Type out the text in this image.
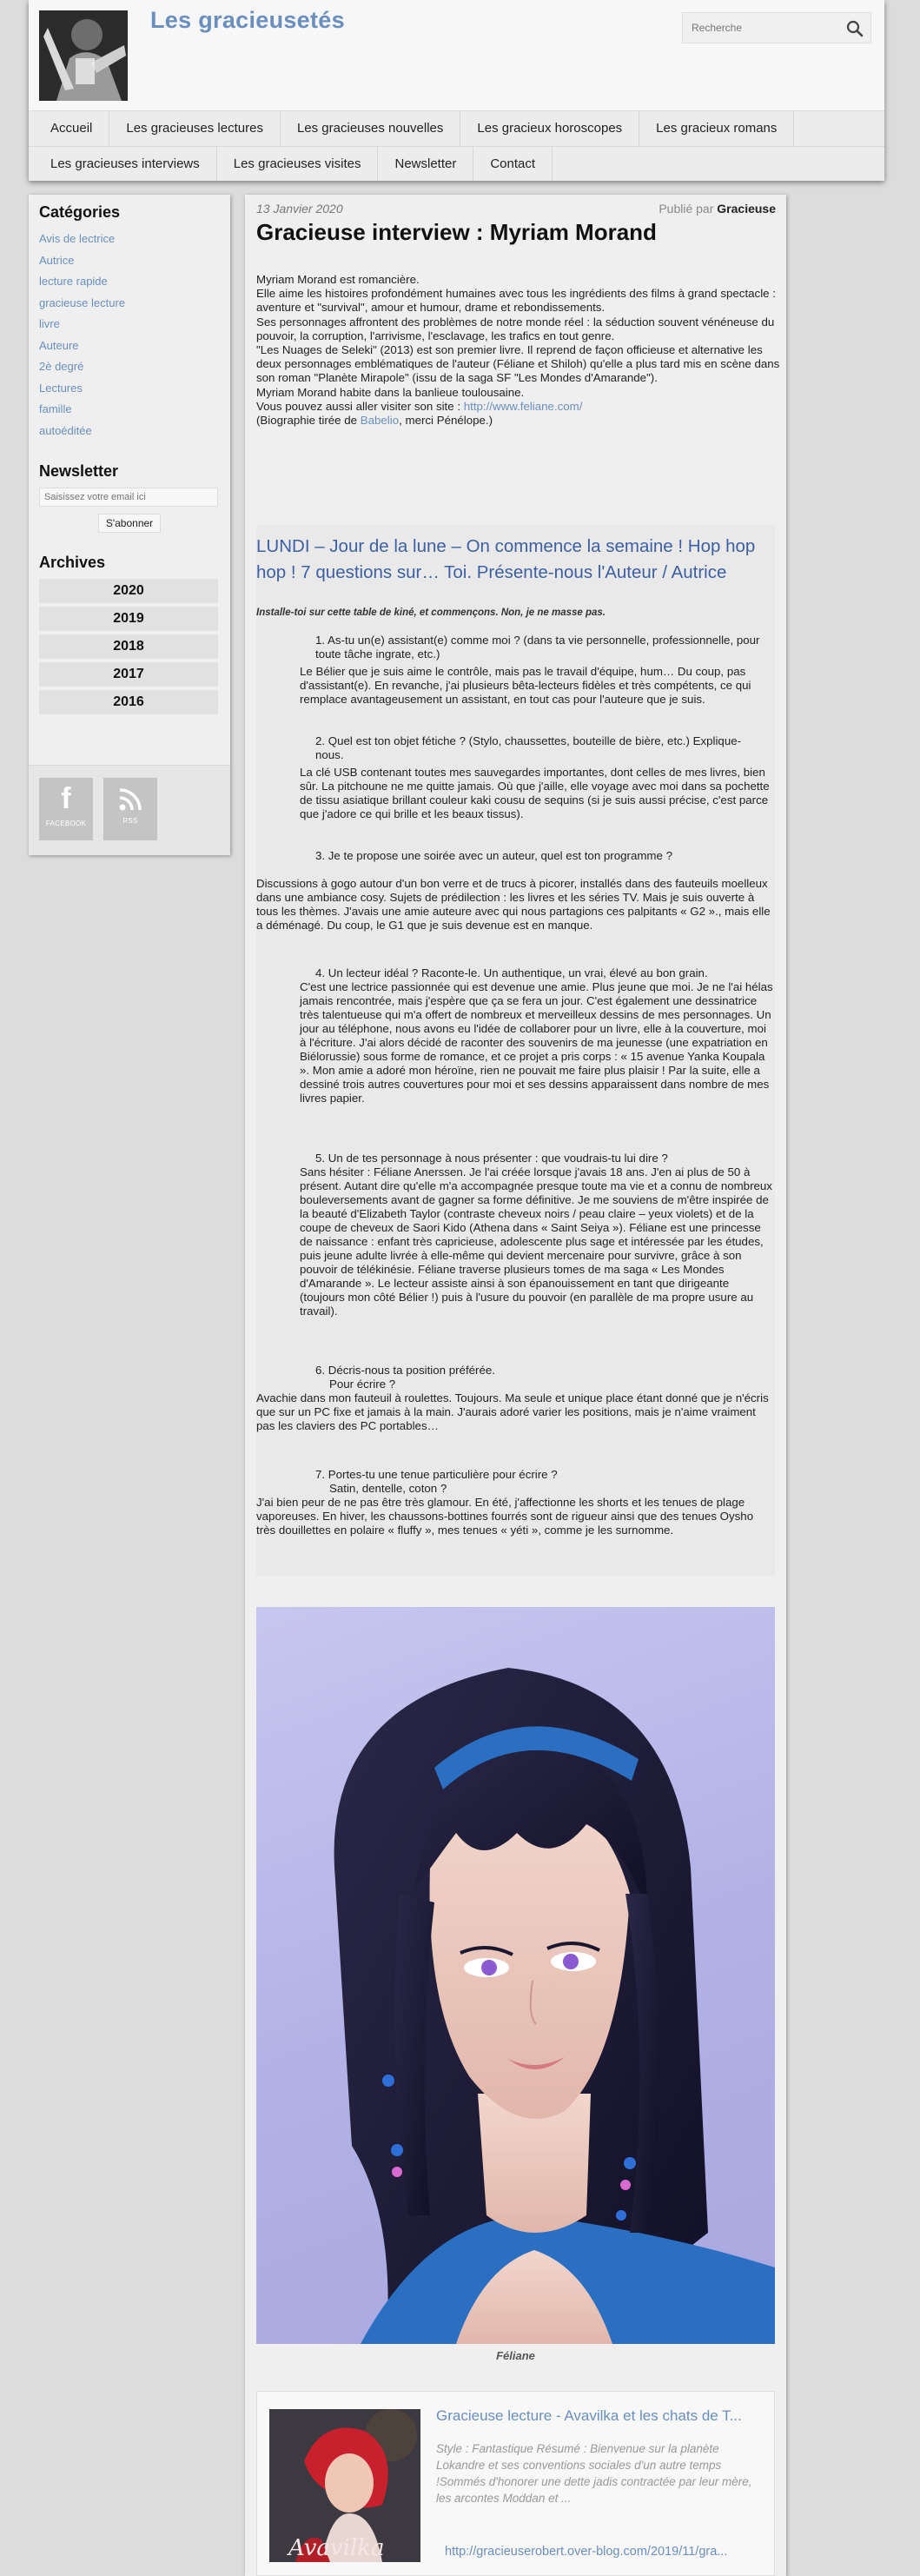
Les gracieusetés
Recherche
Accueil	Les gracieuses lectures	Les gracieuses nouvelles	Les gracieux horoscopes	Les gracieux romans
Les gracieuses interviews	Les gracieuses visites	Newsletter	Contact
Catégories
Avis de lectrice
Autrice
lecture rapide
gracieuse lecture
livre
Auteure
2è degré
Lectures
famille
autoéditée
Newsletter
Saisissez votre email ici
S'abonner
Archives
2020
2019
2018
2017
2016
f
FACEBOOK	RSS
13 Janvier 2020	Publié par Gracieuse
Gracieuse interview : Myriam Morand
Myriam Morand est romancière.
Elle aime les histoires profondément humaines avec tous les ingrédients des films à grand spectacle : aventure et "survival", amour et humour, drame et rebondissements.
Ses personnages affrontent des problèmes de notre monde réel : la séduction souvent vénéneuse du pouvoir, la corruption, l'arrivisme, l'esclavage, les trafics en tout genre.
"Les Nuages de Seleki" (2013) est son premier livre. Il reprend de façon officieuse et alternative les deux personnages emblématiques de l'auteur (Féliane et Shiloh) qu'elle a plus tard mis en scène dans son roman "Planète Mirapole" (issu de la saga SF "Les Mondes d'Amarande").
Myriam Morand habite dans la banlieue toulousaine.
Vous pouvez aussi aller visiter son site : http://www.feliane.com/
(Biographie tirée de Babelio, merci Pénélope.)
LUNDI – Jour de la lune – On commence la semaine ! Hop hop hop ! 7 questions sur… Toi. Présente-nous l'Auteur / Autrice
Installe-toi sur cette table de kiné, et commençons. Non, je ne masse pas.
1. As-tu un(e) assistant(e) comme moi ? (dans ta vie personnelle, professionnelle, pour toute tâche ingrate, etc.)
Le Bélier que je suis aime le contrôle, mais pas le travail d'équipe, hum… Du coup, pas d'assistant(e). En revanche, j'ai plusieurs bêta-lecteurs fidèles et très compétents, ce qui remplace avantageusement un assistant, en tout cas pour l'auteure que je suis.
2. Quel est ton objet fétiche ? (Stylo, chaussettes, bouteille de bière, etc.) Explique-nous.
La clé USB contenant toutes mes sauvegardes importantes, dont celles de mes livres, bien sûr. La pitchoune ne me quitte jamais. Où que j'aille, elle voyage avec moi dans sa pochette de tissu asiatique brillant couleur kaki cousu de sequins (si je suis aussi précise, c'est parce que j'adore ce qui brille et les beaux tissus).
3. Je te propose une soirée avec un auteur, quel est ton programme ?
Discussions à gogo autour d'un bon verre et de trucs à picorer, installés dans des fauteuils moelleux dans une ambiance cosy. Sujets de prédilection : les livres et les séries TV. Mais je suis ouverte à tous les thèmes. J'avais une amie auteure avec qui nous partagions ces palpitants « G2 »., mais elle a déménagé. Du coup, le G1 que je suis devenue est en manque.
4. Un lecteur idéal ? Raconte-le. Un authentique, un vrai, élevé au bon grain.
C'est une lectrice passionnée qui est devenue une amie. Plus jeune que moi. Je ne l'ai hélas jamais rencontrée, mais j'espère que ça se fera un jour. C'est également une dessinatrice très talentueuse qui m'a offert de nombreux et merveilleux dessins de mes personnages. Un jour au téléphone, nous avons eu l'idée de collaborer pour un livre, elle à la couverture, moi à l'écriture. J'ai alors décidé de raconter des souvenirs de ma jeunesse (une expatriation en Biélorussie) sous forme de romance, et ce projet a pris corps : « 15 avenue Yanka Koupala ». Mon amie a adoré mon héroïne, rien ne pouvait me faire plus plaisir ! Par la suite, elle a dessiné trois autres couvertures pour moi et ses dessins apparaissent dans nombre de mes livres papier.
5. Un de tes personnage à nous présenter : que voudrais-tu lui dire ?
Sans hésiter : Féliane Anerssen. Je l'ai créée lorsque j'avais 18 ans. J'en ai plus de 50 à présent. Autant dire qu'elle m'a accompagnée presque toute ma vie et a connu de nombreux bouleversements avant de gagner sa forme définitive. Je me souviens de m'être inspirée de la beauté d'Elizabeth Taylor (contraste cheveux noirs / peau claire – yeux violets) et de la coupe de cheveux de Saori Kido (Athena dans « Saint Seiya »). Féliane est une princesse de naissance : enfant très capricieuse, adolescente plus sage et intéressée par les études, puis jeune adulte livrée à elle-même qui devient mercenaire pour survivre, grâce à son pouvoir de télékinésie. Féliane traverse plusieurs tomes de ma saga « Les Mondes d'Amarande ». Le lecteur assiste ainsi à son épanouissement en tant que dirigeante (toujours mon côté Bélier !) puis à l'usure du pouvoir (en parallèle de ma propre usure au travail).
6. Décris-nous ta position préférée.
Pour écrire ?
Avachie dans mon fauteuil à roulettes. Toujours. Ma seule et unique place étant donné que je n'écris que sur un PC fixe et jamais à la main. J'aurais adoré varier les positions, mais je n'aime vraiment pas les claviers des PC portables…
7. Portes-tu une tenue particulière pour écrire ?
Satin, dentelle, coton ?
J'ai bien peur de ne pas être très glamour. En été, j'affectionne les shorts et les tenues de plage vaporeuses. En hiver, les chaussons-bottines fourrés sont de rigueur ainsi que des tenues Oysho très douillettes en polaire « fluffy », mes tenues « yéti », comme je les surnomme.
Féliane
Avavilka
Gracieuse lecture - Avavilka et les chats de T...
Style : Fantastique Résumé : Bienvenue sur la planète Lokandre et ses conventions sociales d'un autre temps !Sommés d'honorer une dette jadis contractée par leur mère, les arcontes Moddan et ...
http://gracieuserobert.over-blog.com/2019/11/gra...
